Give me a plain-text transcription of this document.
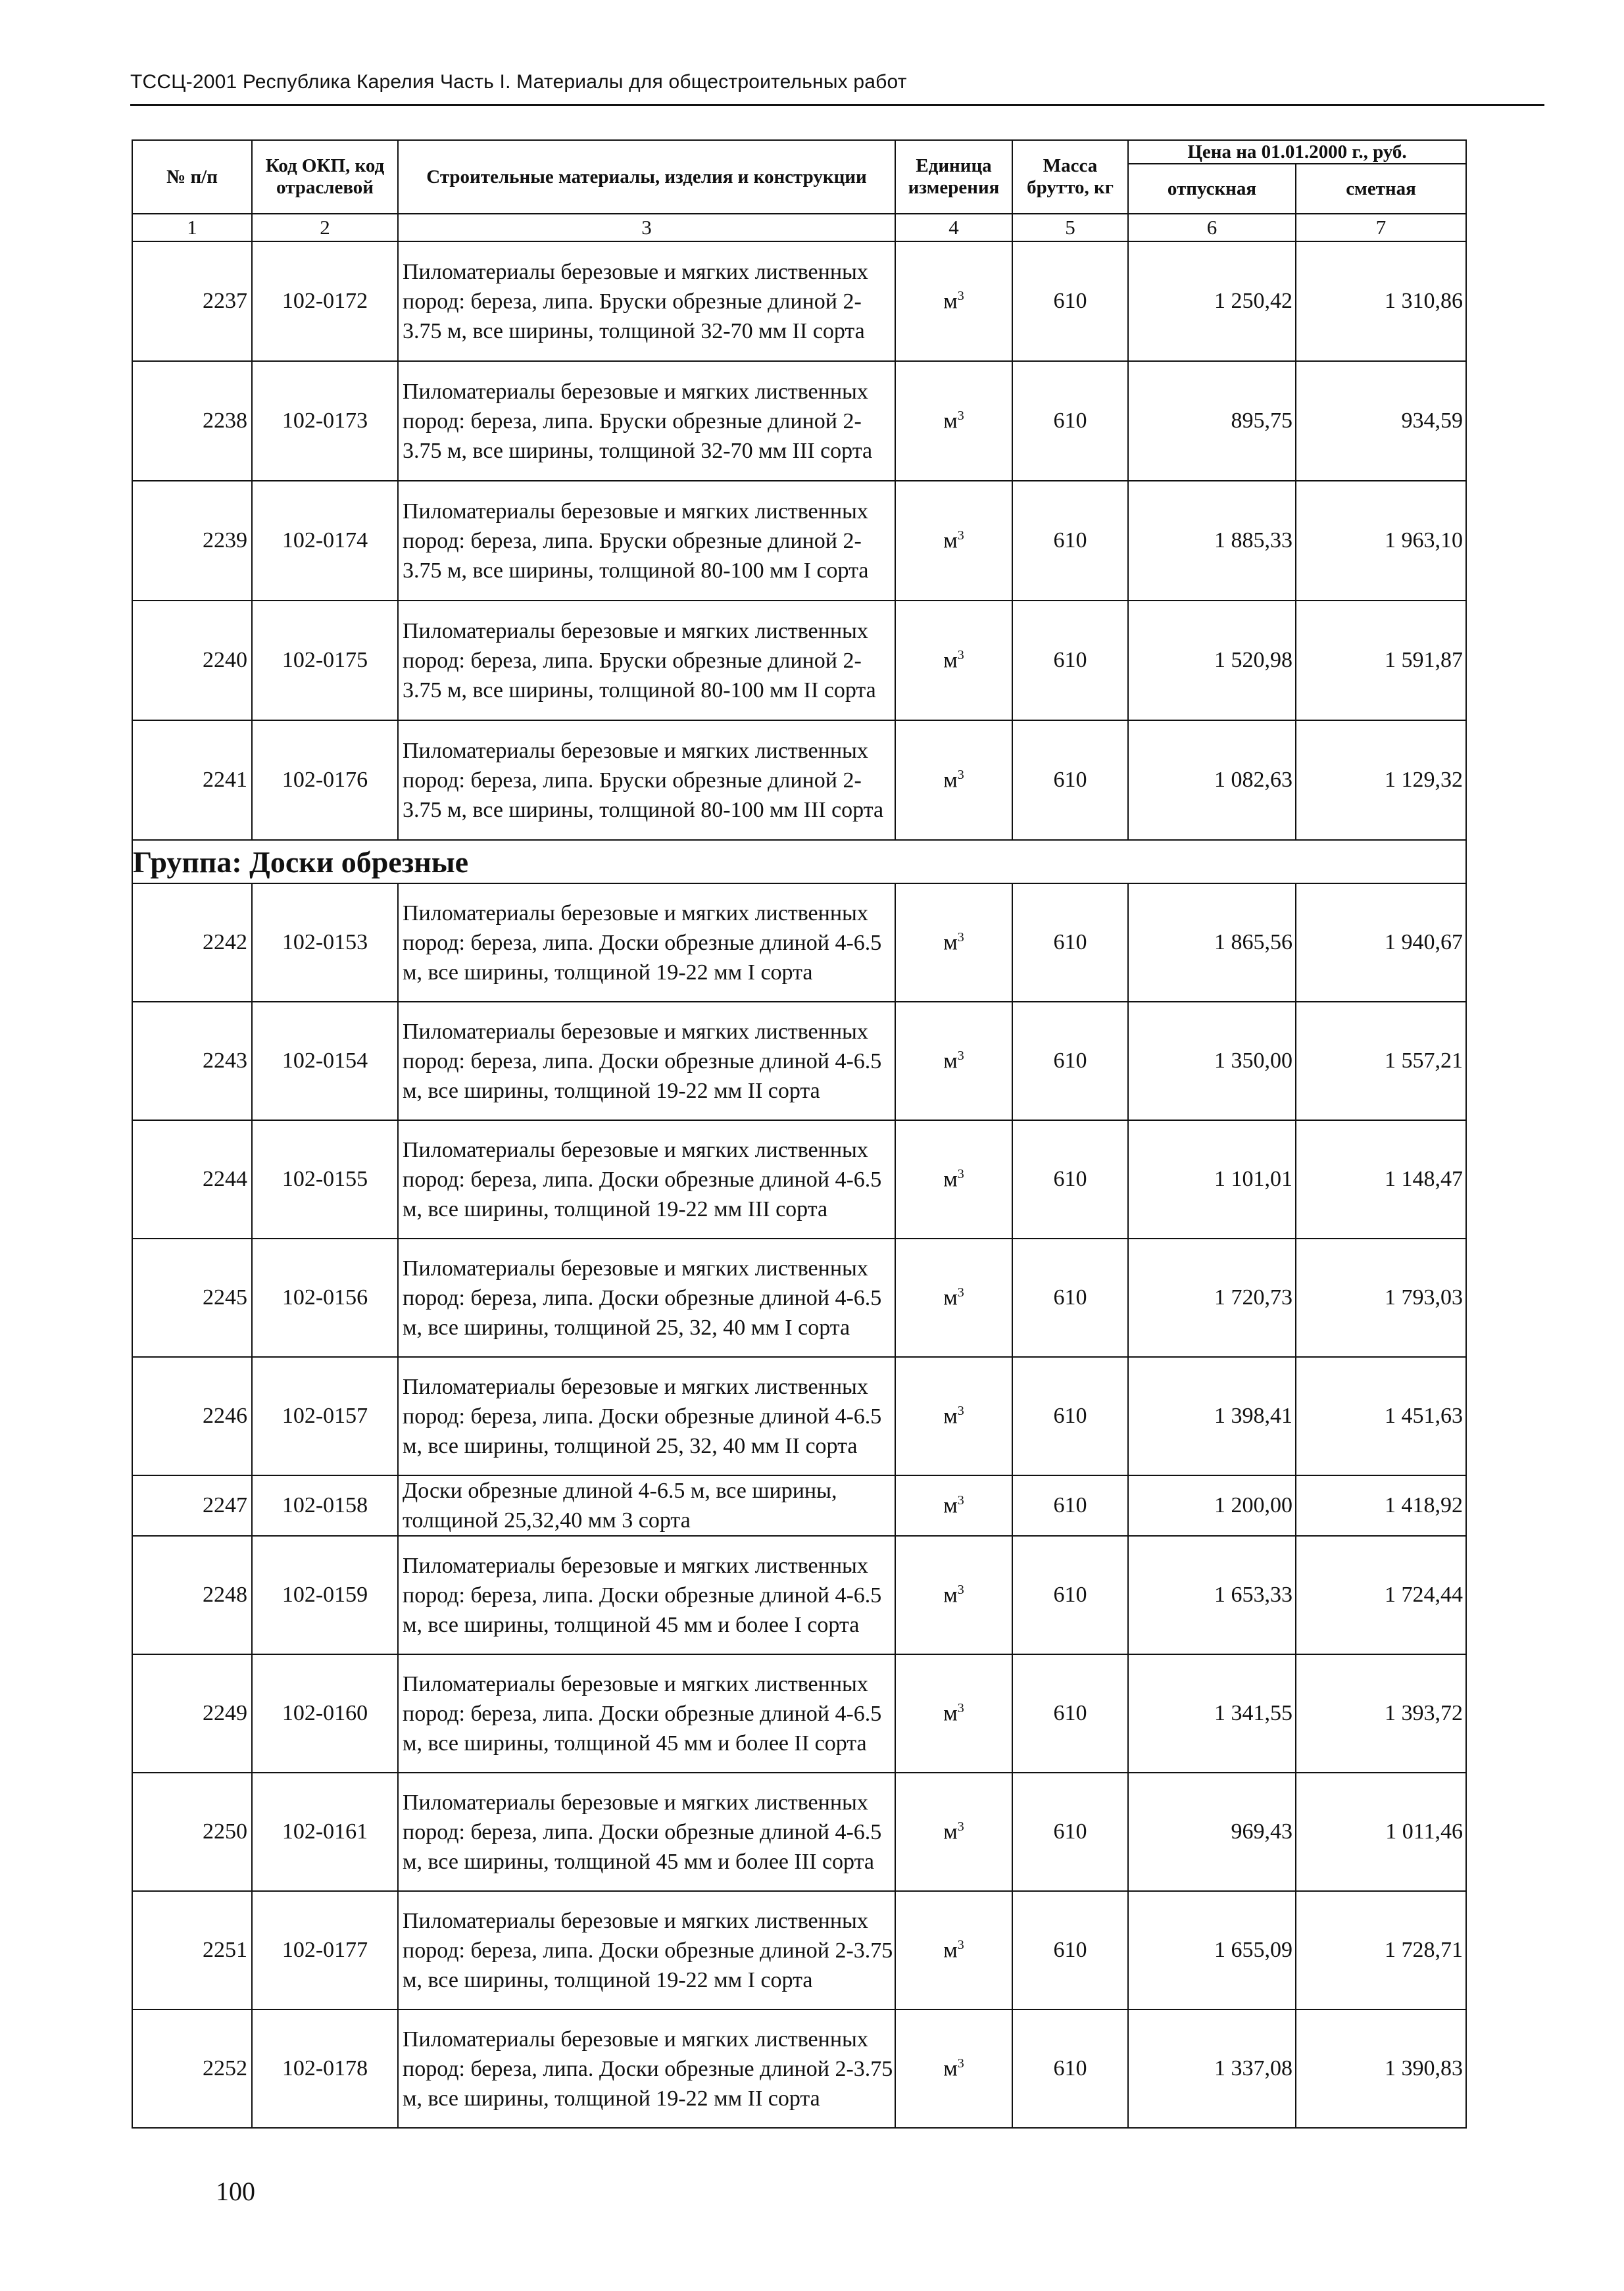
ТССЦ-2001 Республика Карелия Часть I. Материалы для общестроительных работ
№ п/п	Код ОКП, код отраслевой	Строительные материалы, изделия и конструкции	Единица измерения	Масса брутто, кг	Цена на 01.01.2000 г., руб.	
					отпускная	сметная
1	2	3	4	5	6	7
2237	102-0172	Пиломатериалы березовые и мягких лиственных пород: береза, липа. Бруски обрезные длиной 2-3.75 м, все ширины, толщиной 32-70 мм II сорта	$м^3$	610	1 250,42	1 310,86
2238	102-0173	Пиломатериалы березовые и мягких лиственных пород: береза, липа. Бруски обрезные длиной 2-3.75 м, все ширины, толщиной 32-70 мм III сорта	$м^3$	610	895,75	934,59
2239	102-0174	Пиломатериалы березовые и мягких лиственных пород: береза, липа. Бруски обрезные длиной 2-3.75 м, все ширины, толщиной 80-100 мм I сорта	$м^3$	610	1 885,33	1 963,10
2240	102-0175	Пиломатериалы березовые и мягких лиственных пород: береза, липа. Бруски обрезные длиной 2-3.75 м, все ширины, толщиной 80-100 мм II сорта	$м^3$	610	1 520,98	1 591,87
2241	102-0176	Пиломатериалы березовые и мягких лиственных пород: береза, липа. Бруски обрезные длиной 2-3.75 м, все ширины, толщиной 80-100 мм III сорта	$м^3$	610	1 082,63	1 129,32
Группа: Доски обрезные						
2242	102-0153	Пиломатериалы березовые и мягких лиственных пород: береза, липа. Доски обрезные длиной 4-6.5 м, все ширины, толщиной 19-22 мм I сорта	$м^3$	610	1 865,56	1 940,67
2243	102-0154	Пиломатериалы березовые и мягких лиственных пород: береза, липа. Доски обрезные длиной 4-6.5 м, все ширины, толщиной 19-22 мм II сорта	$м^3$	610	1 350,00	1 557,21
2244	102-0155	Пиломатериалы березовые и мягких лиственных пород: береза, липа. Доски обрезные длиной 4-6.5 м, все ширины, толщиной 19-22 мм III сорта	$м^3$	610	1 101,01	1 148,47
2245	102-0156	Пиломатериалы березовые и мягких лиственных пород: береза, липа. Доски обрезные длиной 4-6.5 м, все ширины, толщиной 25, 32, 40 мм I сорта	$м^3$	610	1 720,73	1 793,03
2246	102-0157	Пиломатериалы березовые и мягких лиственных пород: береза, липа. Доски обрезные длиной 4-6.5 м, все ширины, толщиной 25, 32, 40 мм II сорта	$м^3$	610	1 398,41	1 451,63
2247	102-0158	Доски обрезные длиной 4-6.5 м, все ширины, толщиной 25,32,40 мм 3 сорта	$м^3$	610	1 200,00	1 418,92
2248	102-0159	Пиломатериалы березовые и мягких лиственных пород: береза, липа. Доски обрезные длиной 4-6.5 м, все ширины, толщиной 45 мм и более I сорта	$м^3$	610	1 653,33	1 724,44
2249	102-0160	Пиломатериалы березовые и мягких лиственных пород: береза, липа. Доски обрезные длиной 4-6.5 м, все ширины, толщиной 45 мм и более II сорта	$м^3$	610	1 341,55	1 393,72
2250	102-0161	Пиломатериалы березовые и мягких лиственных пород: береза, липа. Доски обрезные длиной 4-6.5 м, все ширины, толщиной 45 мм и более III сорта	$м^3$	610	969,43	1 011,46
2251	102-0177	Пиломатериалы березовые и мягких лиственных пород: береза, липа. Доски обрезные длиной 2-3.75 м, все ширины, толщиной 19-22 мм I сорта	$м^3$	610	1 655,09	1 728,71
2252	102-0178	Пиломатериалы березовые и мягких лиственных пород: береза, липа. Доски обрезные длиной 2-3.75 м, все ширины, толщиной 19-22 мм II сорта	$м^3$	610	1 337,08	1 390,83
100
